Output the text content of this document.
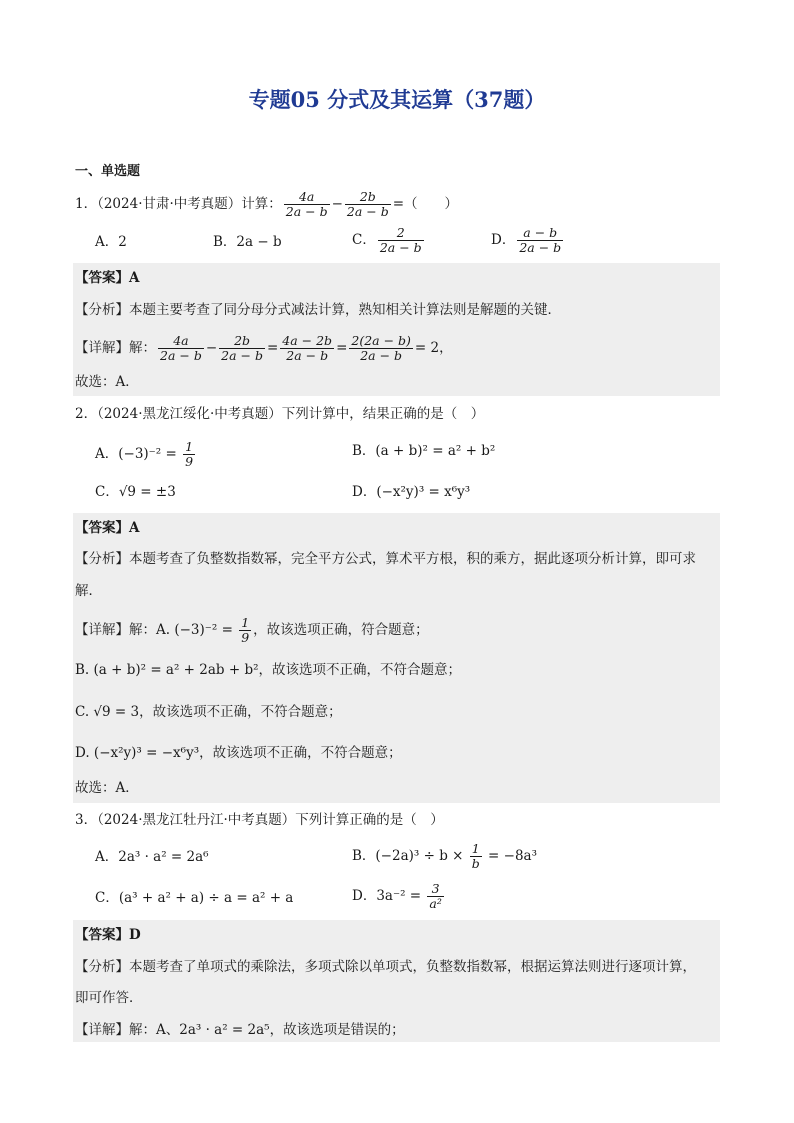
专题05 分式及其运算（37题）
一、单选题
1．（2024·甘肃·中考真题）计算： $\frac{4a}{2a - b} - \frac{2b}{2a - b}$ =（　　）
A．2	B．2a − b	C． $\frac{2}{2a - b}$	D． $\frac{a - b}{2a - b}$
【答案】A
【分析】本题主要考查了同分母分式减法计算，熟知相关计算法则是解题的关键．
【详解】解： $\frac{4a}{2a - b} - \frac{2b}{2a - b} = \frac{4a - 2b}{2a - b} = \frac{2(2a - b)}{2a - b} = 2$，
故选：A．
2．（2024·黑龙江绥化·中考真题）下列计算中，结果正确的是（　）
A．$(-3)^{-2} = \frac{1}{9}$	B．(a + b)² = a² + b²
C．√9 = ±3	D．(−x²y)³ = x⁶y³
【答案】A
【分析】本题考查了负整数指数幂，完全平方公式，算术平方根，积的乘方，据此逐项分析计算，即可求
解．
【详解】解：A. $(-3)^{-2} = \frac{1}{9}$ ，故该选项正确，符合题意；
B. (a + b)² = a² + 2ab + b²，故该选项不正确，不符合题意；
C. √9 = 3，故该选项不正确，不符合题意；
D. (−x²y)³ = −x⁶y³，故该选项不正确，不符合题意；
故选：A．
3．（2024·黑龙江牡丹江·中考真题）下列计算正确的是（　）
A．2a³ · a² = 2a⁶	B．$(-2a)^3 \div b \times \frac{1}{b} = -8a^3$
C．(a³ + a² + a) ÷ a = a² + a	D．$3a^{-2} = \frac{3}{\text{a²}}$
【答案】D
【分析】本题考查了单项式的乘除法，多项式除以单项式，负整数指数幂，根据运算法则进行逐项计算，
即可作答．
【详解】解：A、2a³ · a² = 2a⁵，故该选项是错误的；
